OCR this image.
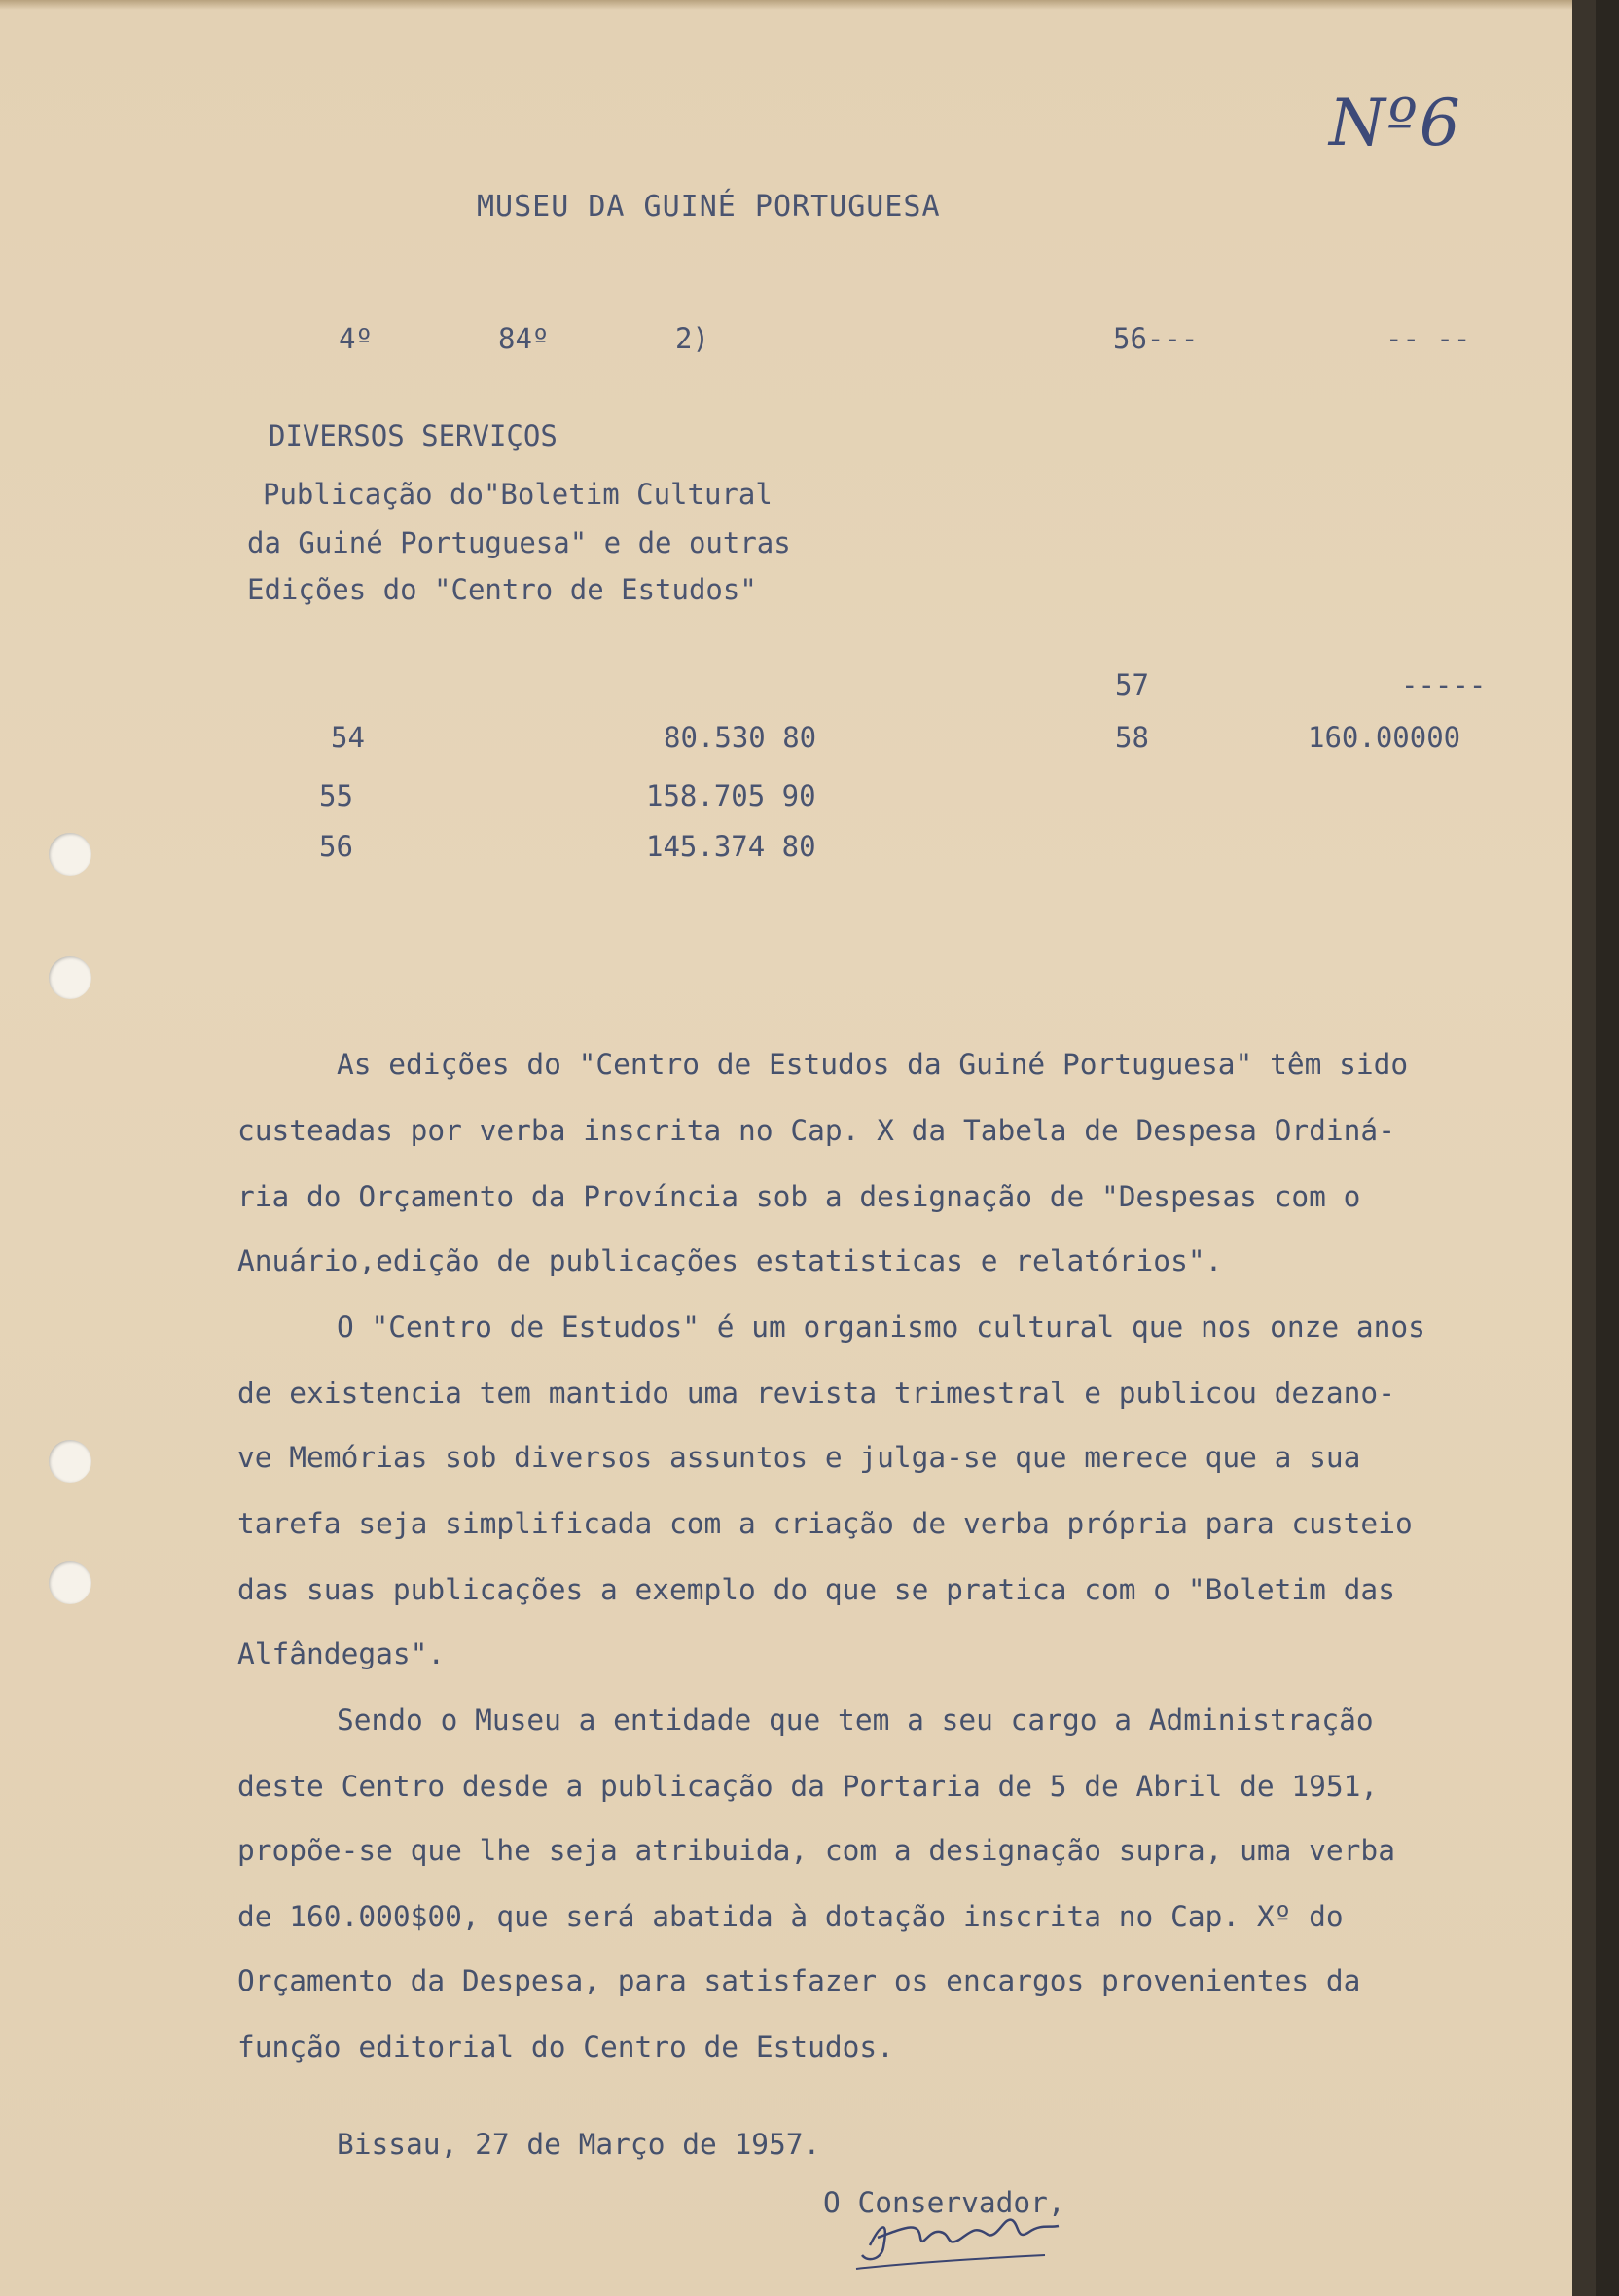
Nº6
MUSEU DA GUINÉ PORTUGUESA
4º	84º	2)	56---	-- --
DIVERSOS SERVIÇOS
Publicação do"Boletim Cultural
da Guiné Portuguesa" e de outras
Edições do "Centro de Estudos"
54	80.530 80
55	158.705 90
56	145.374 80
57	-----
58	160.00000
As edições do "Centro de Estudos da Guiné Portuguesa" têm sido
custeadas por verba inscrita no Cap. X da Tabela de Despesa Ordiná-
ria do Orçamento da Província sob a designação de "Despesas com o
Anuário,edição de publicações estatisticas e relatórios".
O "Centro de Estudos" é um organismo cultural que nos onze anos
de existencia tem mantido uma revista trimestral e publicou dezano-
ve Memórias sob diversos assuntos e julga-se que merece que a sua
tarefa seja simplificada com a criação de verba própria para custeio
das suas publicações a exemplo do que se pratica com o "Boletim das
Alfândegas".
Sendo o Museu a entidade que tem a seu cargo a Administração
deste Centro desde a publicação da Portaria de 5 de Abril de 1951,
propõe-se que lhe seja atribuida, com a designação supra, uma verba
de 160.000$00, que será abatida à dotação inscrita no Cap. Xº do
Orçamento da Despesa, para satisfazer os encargos provenientes da
função editorial do Centro de Estudos.
Bissau, 27 de Março de 1957.
O Conservador,
